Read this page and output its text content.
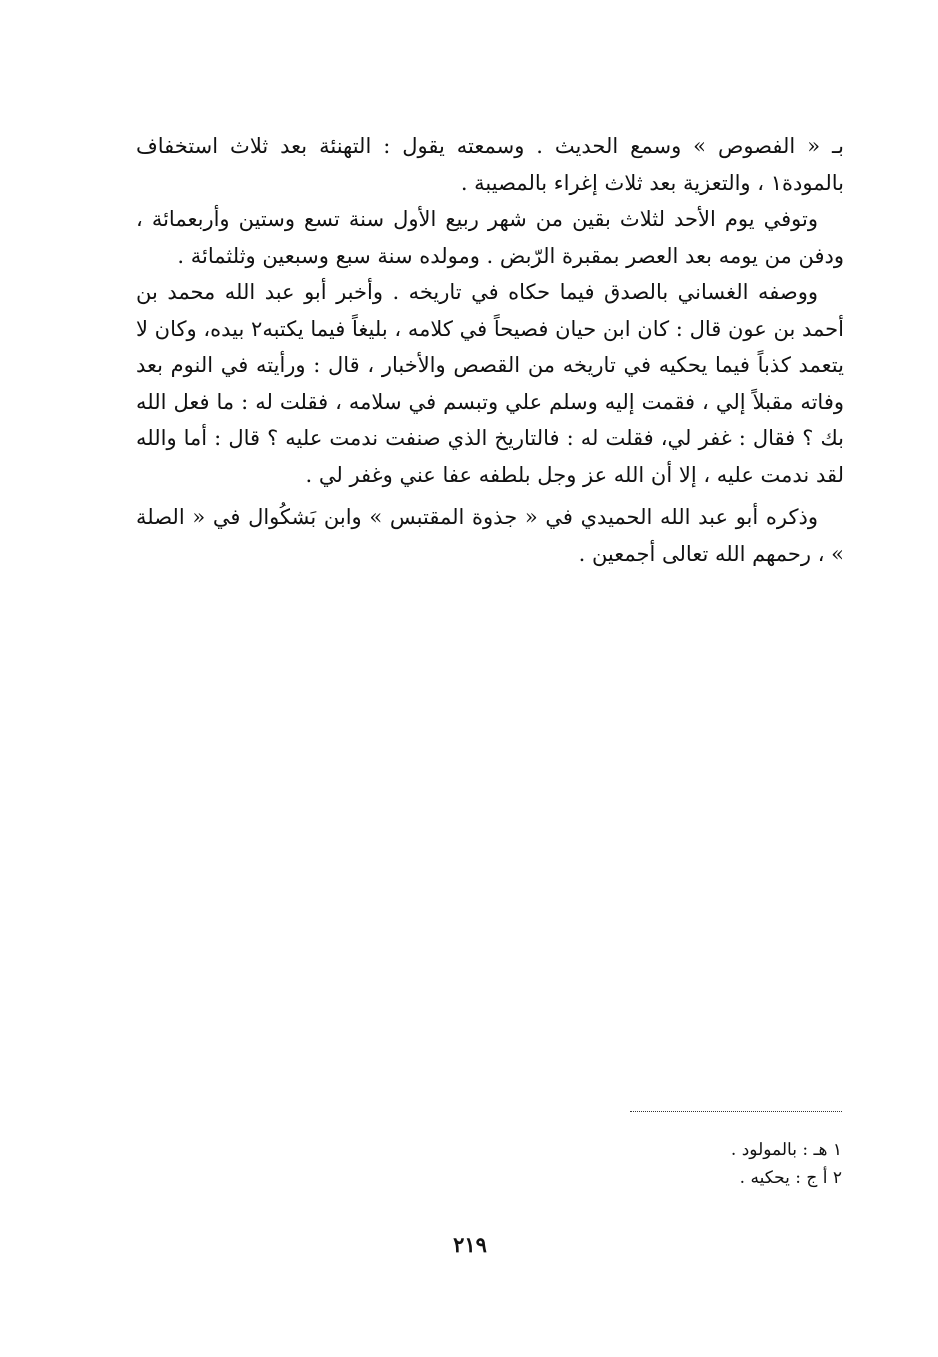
بـ « الفصوص » وسمع الحديث . وسمعته يقول : التهنئة بعد ثلاث استخفاف بالمودة١ ، والتعزية بعد ثلاث إغراء بالمصيبة .

وتوفي يوم الأحد لثلاث بقين من شهر ربيع الأول سنة تسع وستين وأربعمائة ، ودفن من يومه بعد العصر بمقبرة الرّبض . ومولده سنة سبع وسبعين وثلثمائة .

ووصفه الغساني بالصدق فيما حكاه في تاريخه . وأخبر أبو عبد الله محمد بن أحمد بن عون قال : كان ابن حيان فصيحاً في كلامه ، بليغاً فيما يكتبه٢ بيده، وكان لا يتعمد كذباً فيما يحكيه في تاريخه من القصص والأخبار ، قال : ورأيته في النوم بعد وفاته مقبلاً إلي ، فقمت إليه وسلم علي وتبسم في سلامه ، فقلت له : ما فعل الله بك ؟ فقال : غفر لي، فقلت له : فالتاريخ الذي صنفت ندمت عليه ؟ قال : أما والله لقد ندمت عليه ، إلا أن الله عز وجل بلطفه عفا عني وغفر لي .

وذكره أبو عبد الله الحميدي في « جذوة المقتبس » وابن بَشكُوال في « الصلة » ، رحمهم الله تعالى أجمعين .

١ هـ : بالمولود .

٢ أ ج : يحكيه .

٢١٩
